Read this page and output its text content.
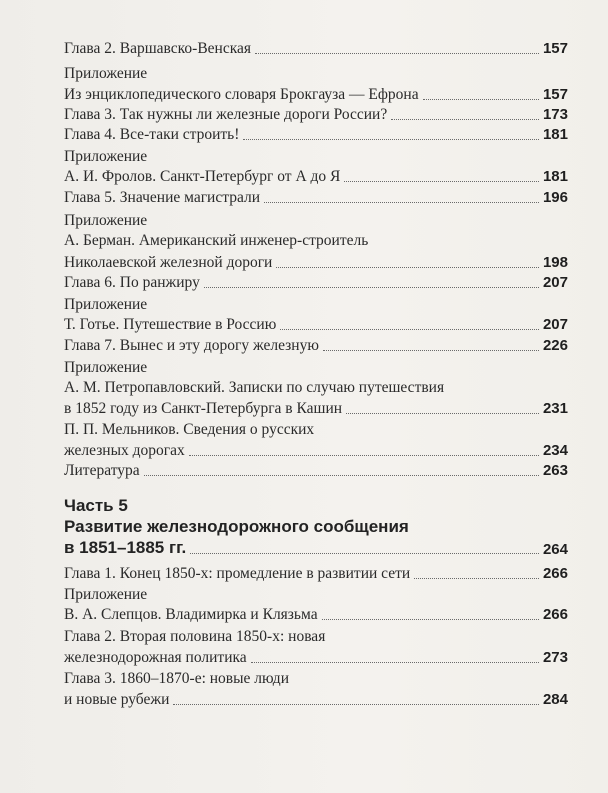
Глава 2. Варшавско-Венская	157
Приложение
Из энциклопедического словаря Брокгауза — Ефрона	157
Глава 3. Так нужны ли железные дороги России?	173
Глава 4. Все-таки строить!	181
Приложение
А. И. Фролов. Санкт-Петербург от А до Я	181
Глава 5. Значение магистрали	196
Приложение
А. Берман. Американский инженер-строитель
Николаевской железной дороги	198
Глава 6. По ранжиру	207
Приложение
Т. Готье. Путешествие в Россию	207
Глава 7. Вынес и эту дорогу железную	226
Приложение
А. М. Петропавловский. Записки по случаю путешествия
в 1852 году из Санкт-Петербурга в Кашин	231
П. П. Мельников. Сведения о русских
железных дорогах	234
Литература	263
Часть 5
Развитие железнодорожного сообщения
в 1851–1885 гг.	264
Глава 1. Конец 1850-х: промедление в развитии сети	266
Приложение
В. А. Слепцов. Владимирка и Клязьма	266
Глава 2. Вторая половина 1850-х: новая
железнодорожная политика	273
Глава 3. 1860–1870-е: новые люди
и новые рубежи	284
